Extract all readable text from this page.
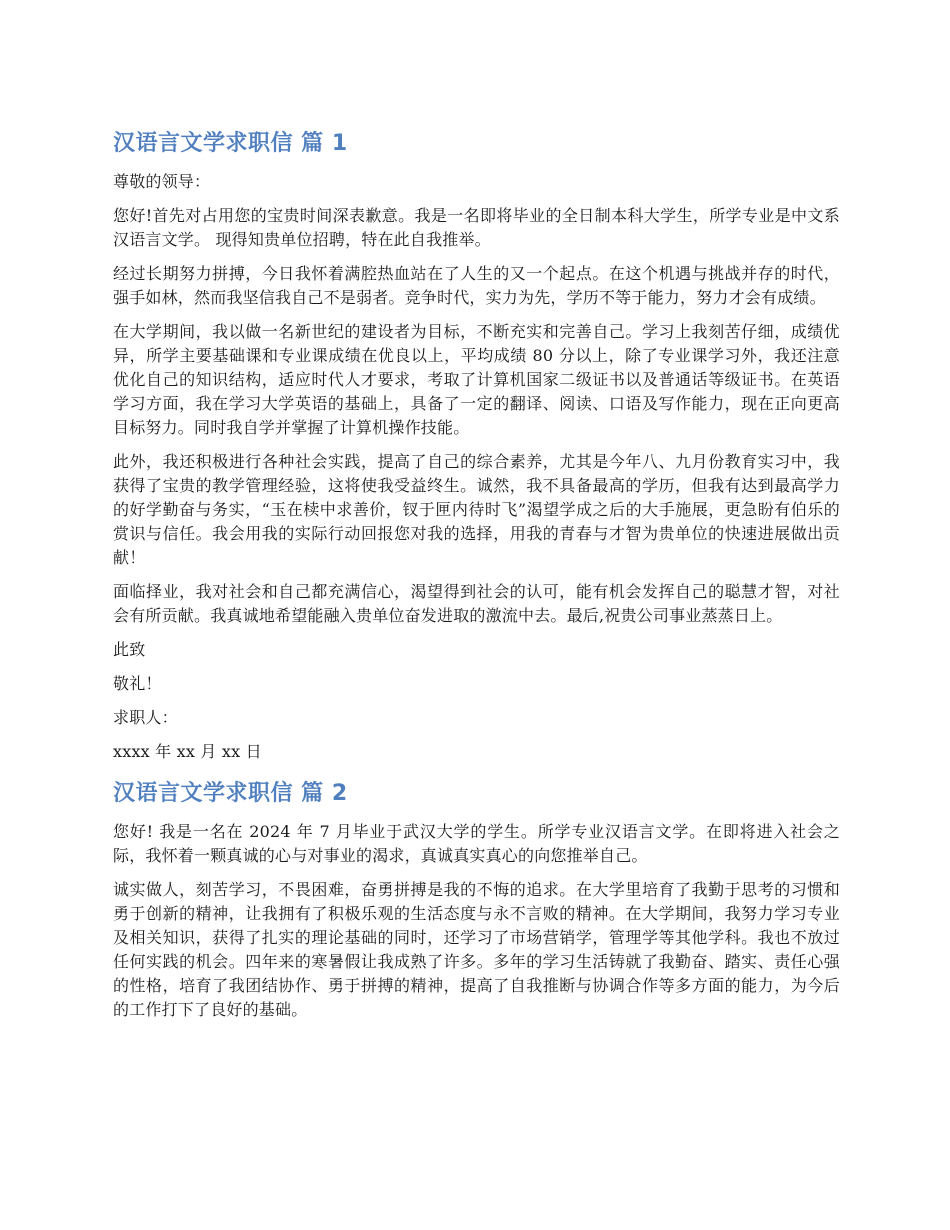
汉语言文学求职信 篇 1

尊敬的领导：

您好!首先对占用您的宝贵时间深表歉意。我是一名即将毕业的全日制本科大学生，所学专业是中文系汉语言文学。 现得知贵单位招聘，特在此自我推举。

经过长期努力拼搏，今日我怀着满腔热血站在了人生的又一个起点。在这个机遇与挑战并存的时代，强手如林，然而我坚信我自己不是弱者。竞争时代，实力为先，学历不等于能力，努力才会有成绩。

在大学期间，我以做一名新世纪的建设者为目标，不断充实和完善自己。学习上我刻苦仔细，成绩优异，所学主要基础课和专业课成绩在优良以上，平均成绩 80 分以上，除了专业课学习外，我还注意优化自己的知识结构，适应时代人才要求，考取了计算机国家二级证书以及普通话等级证书。在英语学习方面，我在学习大学英语的基础上，具备了一定的翻译、阅读、口语及写作能力，现在正向更高目标努力。同时我自学并掌握了计算机操作技能。

此外，我还积极进行各种社会实践，提高了自己的综合素养，尤其是今年八、九月份教育实习中，我获得了宝贵的教学管理经验，这将使我受益终生。诚然，我不具备最高的学历，但我有达到最高学力的好学勤奋与务实，“玉在椟中求善价，钗于匣内待时飞”渴望学成之后的大手施展，更急盼有伯乐的赏识与信任。我会用我的实际行动回报您对我的选择，用我的青春与才智为贵单位的快速进展做出贡献！

面临择业，我对社会和自己都充满信心，渴望得到社会的认可，能有机会发挥自己的聪慧才智，对社会有所贡献。我真诚地希望能融入贵单位奋发进取的激流中去。最后,祝贵公司事业蒸蒸日上。

此致

敬礼！

求职人：

xxxx 年 xx 月 xx 日

汉语言文学求职信 篇 2

您好! 我是一名在 2024 年 7 月毕业于武汉大学的学生。所学专业汉语言文学。在即将进入社会之际，我怀着一颗真诚的心与对事业的渴求，真诚真实真心的向您推举自己。

诚实做人，刻苦学习，不畏困难，奋勇拼搏是我的不悔的追求。在大学里培育了我勤于思考的习惯和勇于创新的精神，让我拥有了积极乐观的生活态度与永不言败的精神。在大学期间，我努力学习专业及相关知识，获得了扎实的理论基础的同时，还学习了市场营销学，管理学等其他学科。我也不放过任何实践的机会。四年来的寒暑假让我成熟了许多。多年的学习生活铸就了我勤奋、踏实、责任心强的性格，培育了我团结协作、勇于拼搏的精神，提高了自我推断与协调合作等多方面的能力，为今后的工作打下了良好的基础。
